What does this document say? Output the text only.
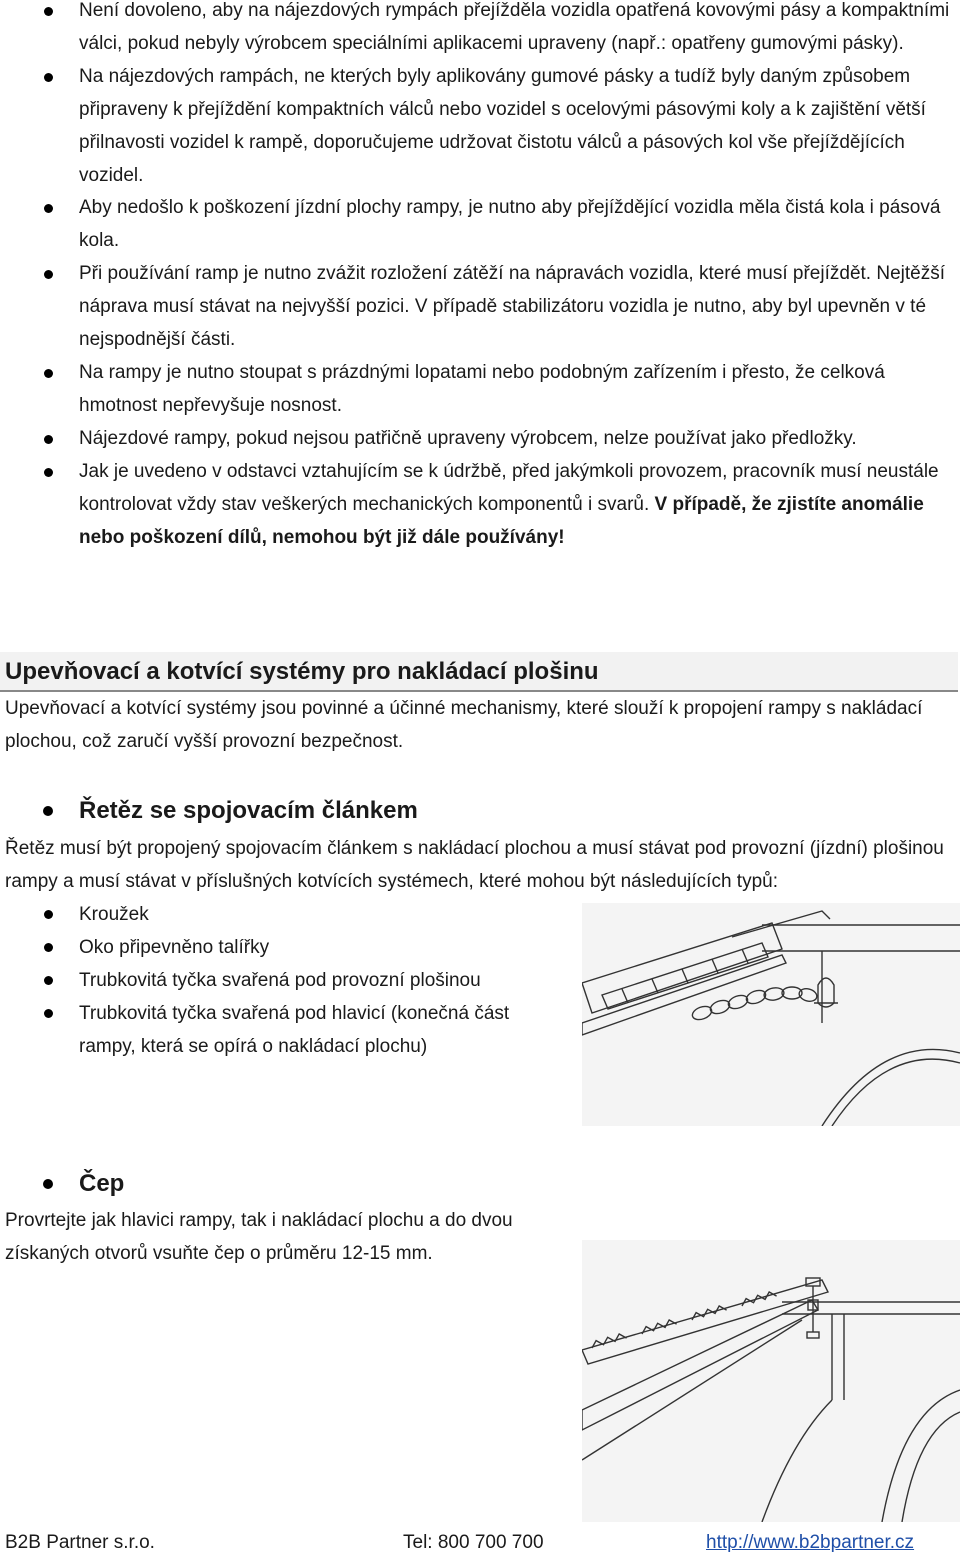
Není dovoleno, aby na nájezdových rympách přejížděla vozidla opatřená kovovými pásy a kompaktními válci, pokud nebyly výrobcem speciálními aplikacemi upraveny (např.: opatřeny gumovými pásky).
Na nájezdových rampách, ne kterých byly aplikovány gumové pásky a tudíž byly daným způsobem připraveny k přejíždění kompaktních válců nebo vozidel s ocelovými pásovými koly a k zajištění větší přilnavosti vozidel k rampě, doporučujeme udržovat čistotu válců a pásových kol vše přejíždějících vozidel.
Aby nedošlo k poškození jízdní plochy rampy, je nutno aby přejíždějící vozidla měla čistá kola i pásová kola.
Při používání ramp je nutno zvážit rozložení zátěží na nápravách vozidla, které musí přejíždět. Nejtěžší náprava musí stávat na nejvyšší pozici. V případě stabilizátoru vozidla je nutno, aby byl upevněn v té nejspodnější části.
Na rampy je nutno stoupat s prázdnými lopatami nebo podobným zařízením i přesto, že celková hmotnost nepřevyšuje nosnost.
Nájezdové rampy, pokud nejsou patřičně upraveny výrobcem, nelze používat jako předložky.
Jak je uvedeno v odstavci vztahujícím se k údržbě, před jakýmkoli provozem, pracovník musí neustále kontrolovat vždy stav veškerých mechanických komponentů i svarů. V případě, že zjistíte anomálie nebo poškození dílů, nemohou být již dále používány!
Upevňovací a kotvící systémy pro nakládací plošinu
Upevňovací a kotvící systémy jsou povinné a účinné mechanismy, které slouží k propojení rampy s nakládací plochou, což zaručí vyšší provozní bezpečnost.
Řetěz se spojovacím článkem
Řetěz musí být propojený spojovacím článkem s nakládací plochou a musí stávat pod provozní (jízdní) plošinou rampy a musí stávat v příslušných kotvících systémech, které mohou být následujících typů:
Kroužek
Oko připevněno talířky
Trubkovitá tyčka svařená pod provozní plošinou
Trubkovitá tyčka svařená pod hlavicí (konečná část rampy, která se opírá o nakládací plochu)
Čep
Provrtejte jak hlavici rampy, tak i nakládací plochu a do dvou získaných otvorů vsuňte čep o průměru 12-15 mm.
B2B Partner s.r.o.	Tel: 800 700 700	http://www.b2bpartner.cz
